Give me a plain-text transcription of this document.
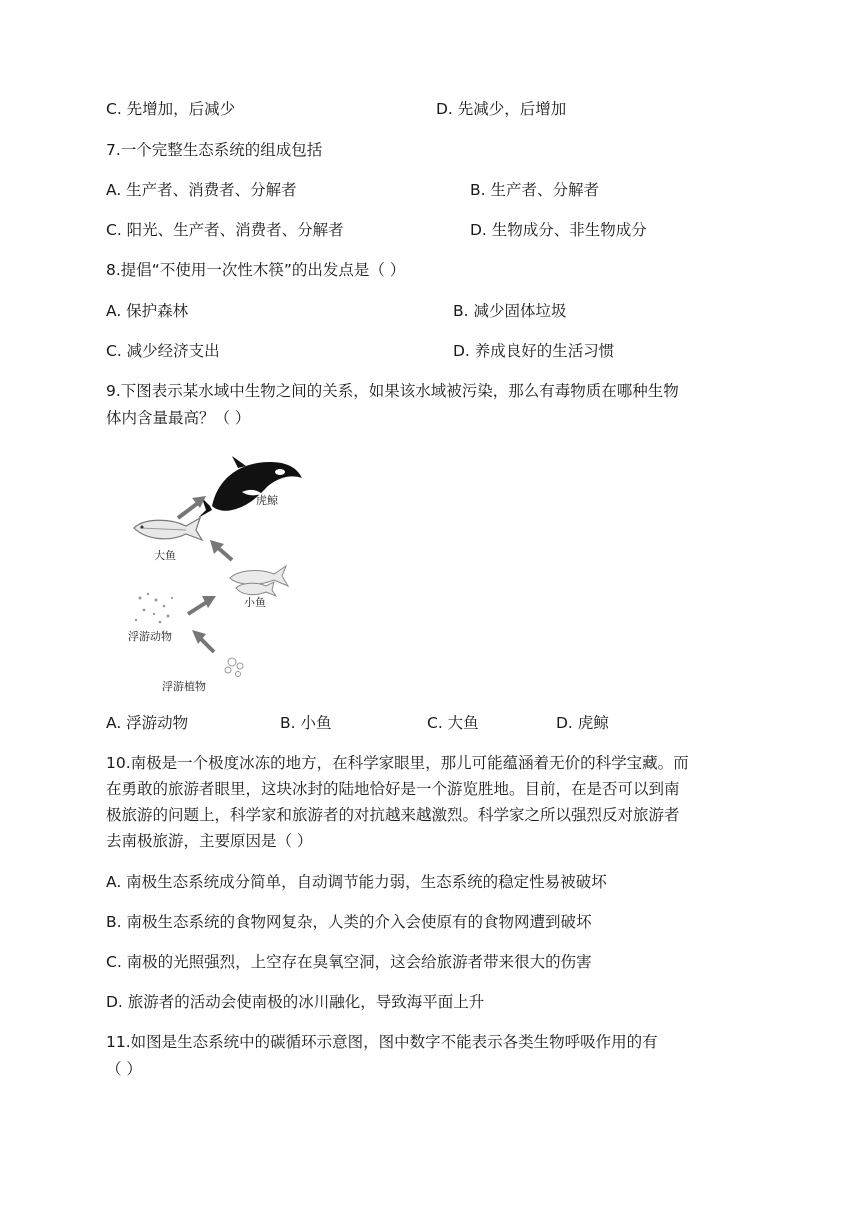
C. 先增加，后减少	D. 先减少，后增加
7.一个完整生态系统的组成包括
A. 生产者、消费者、分解者	B. 生产者、分解者
C. 阳光、生产者、消费者、分解者	D. 生物成分、非生物成分
8.提倡“不使用一次性木筷”的出发点是（ ）
A. 保护森林	B. 减少固体垃圾
C. 减少经济支出	D. 养成良好的生活习惯
9.下图表示某水域中生物之间的关系，如果该水域被污染，那么有毒物质在哪种生物
体内含量最高？（ ）
虎鲸
大鱼
小鱼
浮游动物
浮游植物
A. 浮游动物	B. 小鱼	C. 大鱼	D. 虎鲸
10.南极是一个极度冰冻的地方，在科学家眼里，那儿可能蕴涵着无价的科学宝藏。而
在勇敢的旅游者眼里，这块冰封的陆地恰好是一个游览胜地。目前，在是否可以到南
极旅游的问题上，科学家和旅游者的对抗越来越激烈。科学家之所以强烈反对旅游者
去南极旅游，主要原因是（ ）
A. 南极生态系统成分简单，自动调节能力弱，生态系统的稳定性易被破坏
B. 南极生态系统的食物网复杂，人类的介入会使原有的食物网遭到破坏
C. 南极的光照强烈，上空存在臭氧空洞，这会给旅游者带来很大的伤害
D. 旅游者的活动会使南极的冰川融化，导致海平面上升
11.如图是生态系统中的碳循环示意图，图中数字不能表示各类生物呼吸作用的有
（ ）
